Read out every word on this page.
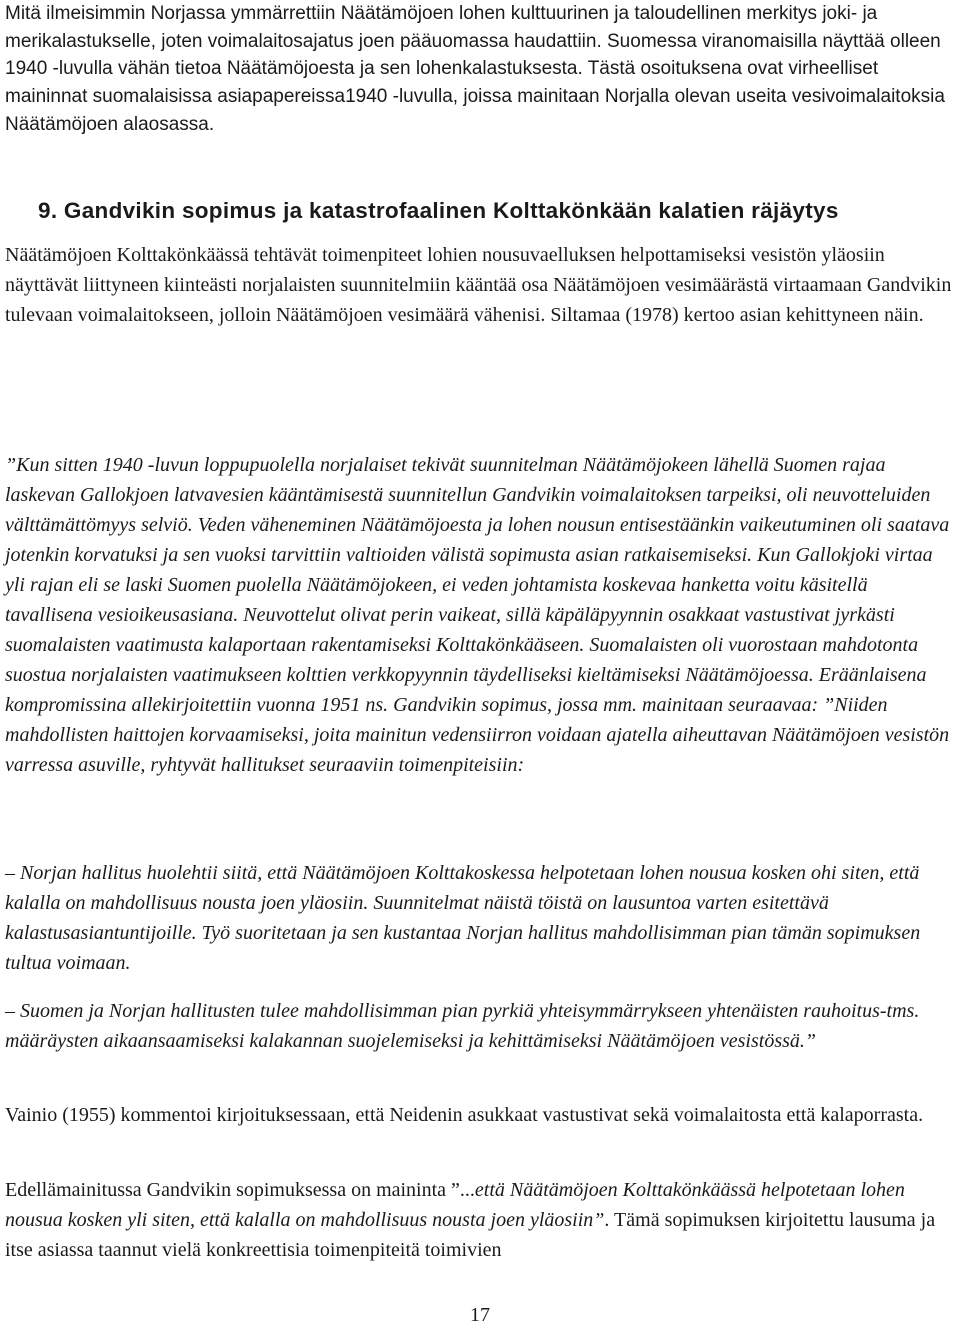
Mitä ilmeisimmin Norjassa ymmärrettiin Näätämöjoen lohen kulttuurinen ja taloudellinen merkitys joki- ja merikalastukselle, joten voimalaitosajatus joen pääuomassa haudattiin. Suomessa viranomaisilla näyttää olleen 1940 -luvulla vähän tietoa Näätämöjoesta ja sen lohenkalastuksesta. Tästä osoituksena ovat virheelliset maininnat suomalaisissa asiapapereissa1940 -luvulla, joissa mainitaan Norjalla olevan useita vesivoimalaitoksia Näätämöjoen alaosassa.

9. Gandvikin sopimus ja katastrofaalinen Kolttakönkään kalatien räjäytys

Näätämöjoen Kolttakönkäässä tehtävät toimenpiteet lohien nousuvaelluksen helpottamiseksi vesistön yläosiin näyttävät liittyneen kiinteästi norjalaisten suunnitelmiin kääntää osa Näätämöjoen vesimäärästä virtaamaan Gandvikin tulevaan voimalaitokseen, jolloin Näätämöjoen vesimäärä vähenisi. Siltamaa (1978) kertoo asian kehittyneen näin.

”Kun sitten 1940 -luvun loppupuolella norjalaiset tekivät suunnitelman Näätämöjokeen lähellä Suomen rajaa laskevan Gallokjoen latvavesien kääntämisestä suunnitellun Gandvikin voimalaitoksen tarpeiksi, oli neuvotteluiden välttämättömyys selviö. Veden väheneminen Näätämöjoesta ja lohen nousun entisestäänkin vaikeutuminen oli saatava jotenkin korvatuksi ja sen vuoksi tarvittiin valtioiden välistä sopimusta asian ratkaisemiseksi. Kun Gallokjoki virtaa yli rajan eli se laski Suomen puolella Näätämöjokeen, ei veden johtamista koskevaa hanketta voitu käsitellä tavallisena vesioikeusasiana. Neuvottelut olivat perin vaikeat, sillä käpäläpyynnin osakkaat vastustivat jyrkästi suomalaisten vaatimusta kalaportaan rakentamiseksi Kolttakönkääseen. Suomalaisten oli vuorostaan mahdotonta suostua norjalaisten vaatimukseen kolttien verkkopyynnin täydelliseksi kieltämiseksi Näätämöjoessa. Eräänlaisena kompromissina allekirjoitettiin vuonna 1951 ns. Gandvikin sopimus, jossa mm. mainitaan seuraavaa: ”Niiden mahdollisten haittojen korvaamiseksi, joita mainitun vedensiirron voidaan ajatella aiheuttavan Näätämöjoen vesistön varressa asuville, ryhtyvät hallitukset seuraaviin toimenpiteisiin:

– Norjan hallitus huolehtii siitä, että Näätämöjoen Kolttakoskessa helpotetaan lohen nousua kosken ohi siten, että kalalla on mahdollisuus nousta joen yläosiin. Suunnitelmat näistä töistä on lausuntoa varten esitettävä kalastusasiantuntijoille. Työ suoritetaan ja sen kustantaa Norjan hallitus mahdollisimman pian tämän sopimuksen tultua voimaan.

– Suomen ja Norjan hallitusten tulee mahdollisimman pian pyrkiä yhteisymmärrykseen yhtenäisten rauhoitus-tms. määräysten aikaansaamiseksi kalakannan suojelemiseksi ja kehittämiseksi Näätämöjoen vesistössä.”

Vainio (1955) kommentoi kirjoituksessaan, että Neidenin asukkaat vastustivat sekä voimalaitosta että kalaporrasta.

Edellämainitussa Gandvikin sopimuksessa on maininta ”...että Näätämöjoen Kolttakönkäässä helpotetaan lohen nousua kosken yli siten, että kalalla on mahdollisuus nousta joen yläosiin”. Tämä sopimuksen kirjoitettu lausuma ja itse asiassa taannut vielä konkreettisia toimenpiteitä toimivien

17
